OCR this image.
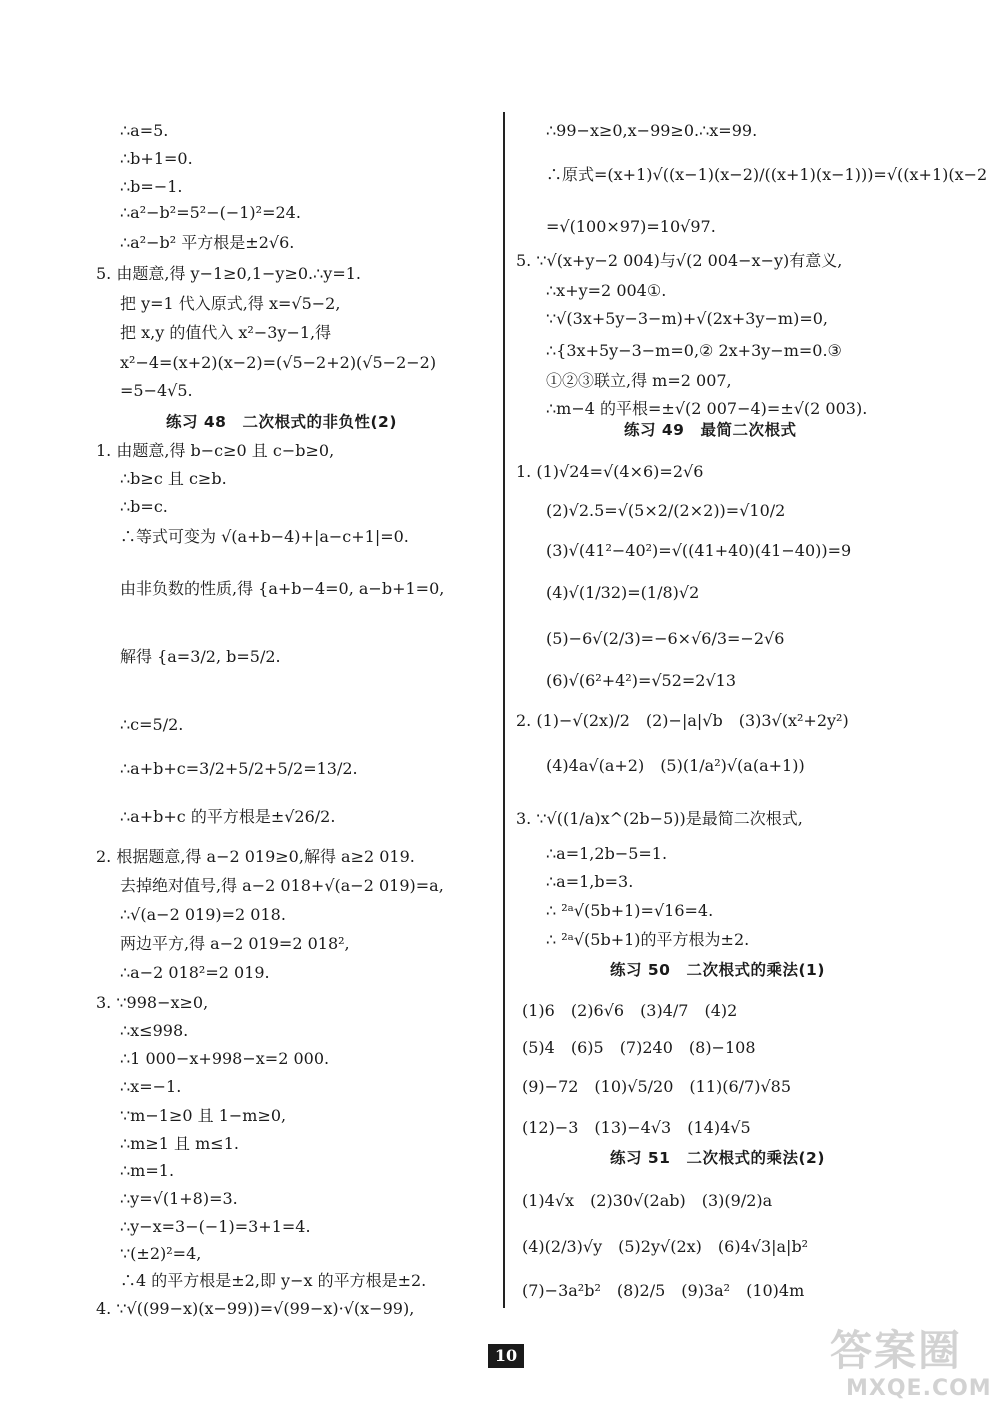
∴a=5.
∴b+1=0.
∴b=−1.
∴a²−b²=5²−(−1)²=24.
∴a²−b² 平方根是±2√6.
5. 由题意,得 y−1≥0,1−y≥0.∴y=1.
把 y=1 代入原式,得 x=√5−2,
把 x,y 的值代入 x²−3y−1,得
x²−4=(x+2)(x−2)=(√5−2+2)(√5−2−2)
=5−4√5.
练习 48　二次根式的非负性(2)
1. 由题意,得 b−c≥0 且 c−b≥0,
∴b≥c 且 c≥b.
∴b=c.
∴等式可变为 √(a+b−4)+|a−c+1|=0.
由非负数的性质,得 {a+b−4=0, a−b+1=0,
解得 {a=3/2, b=5/2.
∴c=5/2.
∴a+b+c=3/2+5/2+5/2=13/2.
∴a+b+c 的平方根是±√26/2.
2. 根据题意,得 a−2 019≥0,解得 a≥2 019.
去掉绝对值号,得 a−2 018+√(a−2 019)=a,
∴√(a−2 019)=2 018.
两边平方,得 a−2 019=2 018²,
∴a−2 018²=2 019.
3. ∵998−x≥0,
∴x≤998.
∴1 000−x+998−x=2 000.
∴x=−1.
∵m−1≥0 且 1−m≥0,
∴m≥1 且 m≤1.
∴m=1.
∴y=√(1+8)=3.
∴y−x=3−(−1)=3+1=4.
∵(±2)²=4,
∴4 的平方根是±2,即 y−x 的平方根是±2.
4. ∵√((99−x)(x−99))=√(99−x)·√(x−99),
∴99−x≥0,x−99≥0.∴x=99.
∴原式=(x+1)√((x−1)(x−2)/((x+1)(x−1)))=√((x+1)(x−2
=√(100×97)=10√97.
5. ∵√(x+y−2 004)与√(2 004−x−y)有意义,
∴x+y=2 004①.
∵√(3x+5y−3−m)+√(2x+3y−m)=0,
∴{3x+5y−3−m=0,② 2x+3y−m=0.③
①②③联立,得 m=2 007,
∴m−4 的平根=±√(2 007−4)=±√(2 003).
练习 49　最简二次根式
1. (1)√24=√(4×6)=2√6
(2)√2.5=√(5×2/(2×2))=√10/2
(3)√(41²−40²)=√((41+40)(41−40))=9
(4)√(1/32)=(1/8)√2
(5)−6√(2/3)=−6×√6/3=−2√6
(6)√(6²+4²)=√52=2√13
2. (1)−√(2x)/2　(2)−|a|√b　(3)3√(x²+2y²)
(4)4a√(a+2)　(5)(1/a²)√(a(a+1))
3. ∵√((1/a)x^(2b−5))是最简二次根式,
∴a=1,2b−5=1.
∴a=1,b=3.
∴ ²ᵃ√(5b+1)=√16=4.
∴ ²ᵃ√(5b+1)的平方根为±2.
练习 50　二次根式的乘法(1)
(1)6　(2)6√6　(3)4/7　(4)2
(5)4　(6)5　(7)240　(8)−108
(9)−72　(10)√5/20　(11)(6/7)√85
(12)−3　(13)−4√3　(14)4√5
练习 51　二次根式的乘法(2)
(1)4√x　(2)30√(2ab)　(3)(9/2)a
(4)(2/3)√y　(5)2y√(2x)　(6)4√3|a|b²
(7)−3a²b²　(8)2/5　(9)3a²　(10)4m
10	答案圈
MXQE.COM
